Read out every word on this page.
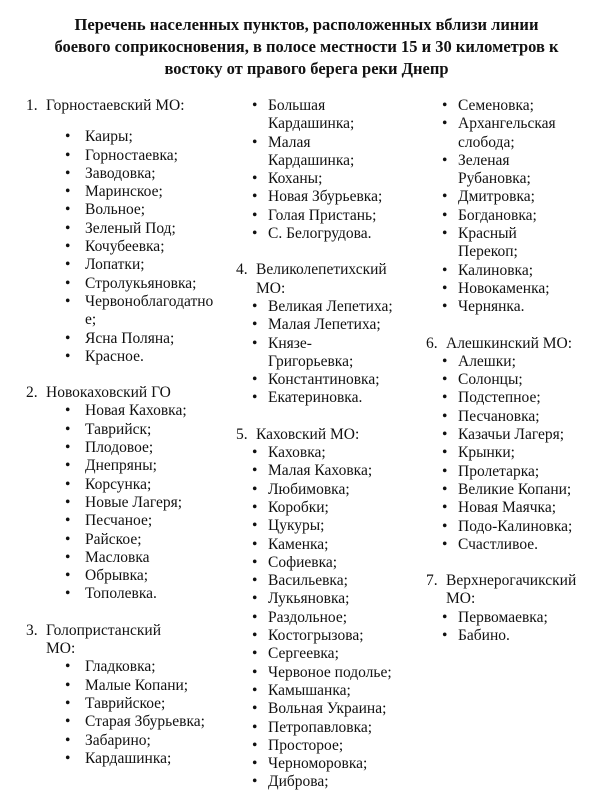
Перечень населенных пунктов, расположенных вблизи линии
боевого соприкосновения, в полосе местности 15 и 30 километров к
востоку от правого берега реки Днепр
1. Горностаевский МО:
• Каиры;
• Горностаевка;
• Заводовка;
• Маринское;
• Вольное;
• Зеленый Под;
• Кочубеевка;
• Лопатки;
• Стролукьяновка;
• Червоноблагодатное;
• Ясна Поляна;
• Красное.
2. Новокаховский ГО
• Новая Каховка;
• Таврийск;
• Плодовое;
• Днепряны;
• Корсунка;
• Новые Лагеря;
• Песчаное;
• Райское;
• Масловка
• Обрывка;
• Тополевка.
3. Голопристанский МО:
• Гладковка;
• Малые Копани;
• Таврийское;
• Старая Збурьевка;
• Забарино;
• Кардашинка;
• Большая Кардашинка;
• Малая Кардашинка;
• Коханы;
• Новая Збурьевка;
• Голая Пристань;
• С. Белогрудова.
4. Великолепетихский МО:
• Великая Лепетиха;
• Малая Лепетиха;
• Князе-Григорьевка;
• Константиновка;
• Екатериновка.
5. Каховский МО:
• Каховка;
• Малая Каховка;
• Любимовка;
• Коробки;
• Цукуры;
• Каменка;
• Софиевка;
• Васильевка;
• Лукьяновка;
• Раздольное;
• Костогрызова;
• Сергеевка;
• Червоное подолье;
• Камышанка;
• Вольная Украина;
• Петропавловка;
• Просторое;
• Черноморовка;
• Диброва;
• Семеновка;
• Архангельская слобода;
• Зеленая Рубановка;
• Дмитровка;
• Богдановка;
• Красный Перекоп;
• Калиновка;
• Новокаменка;
• Чернянка.
6. Алешкинский МО:
• Алешки;
• Солонцы;
• Подстепное;
• Песчановка;
• Казачьи Лагеря;
• Крынки;
• Пролетарка;
• Великие Копани;
• Новая Маячка;
• Подо-Калиновка;
• Счастливое.
7. Верхнерогачикский МО:
• Первомаевка;
• Бабино.
